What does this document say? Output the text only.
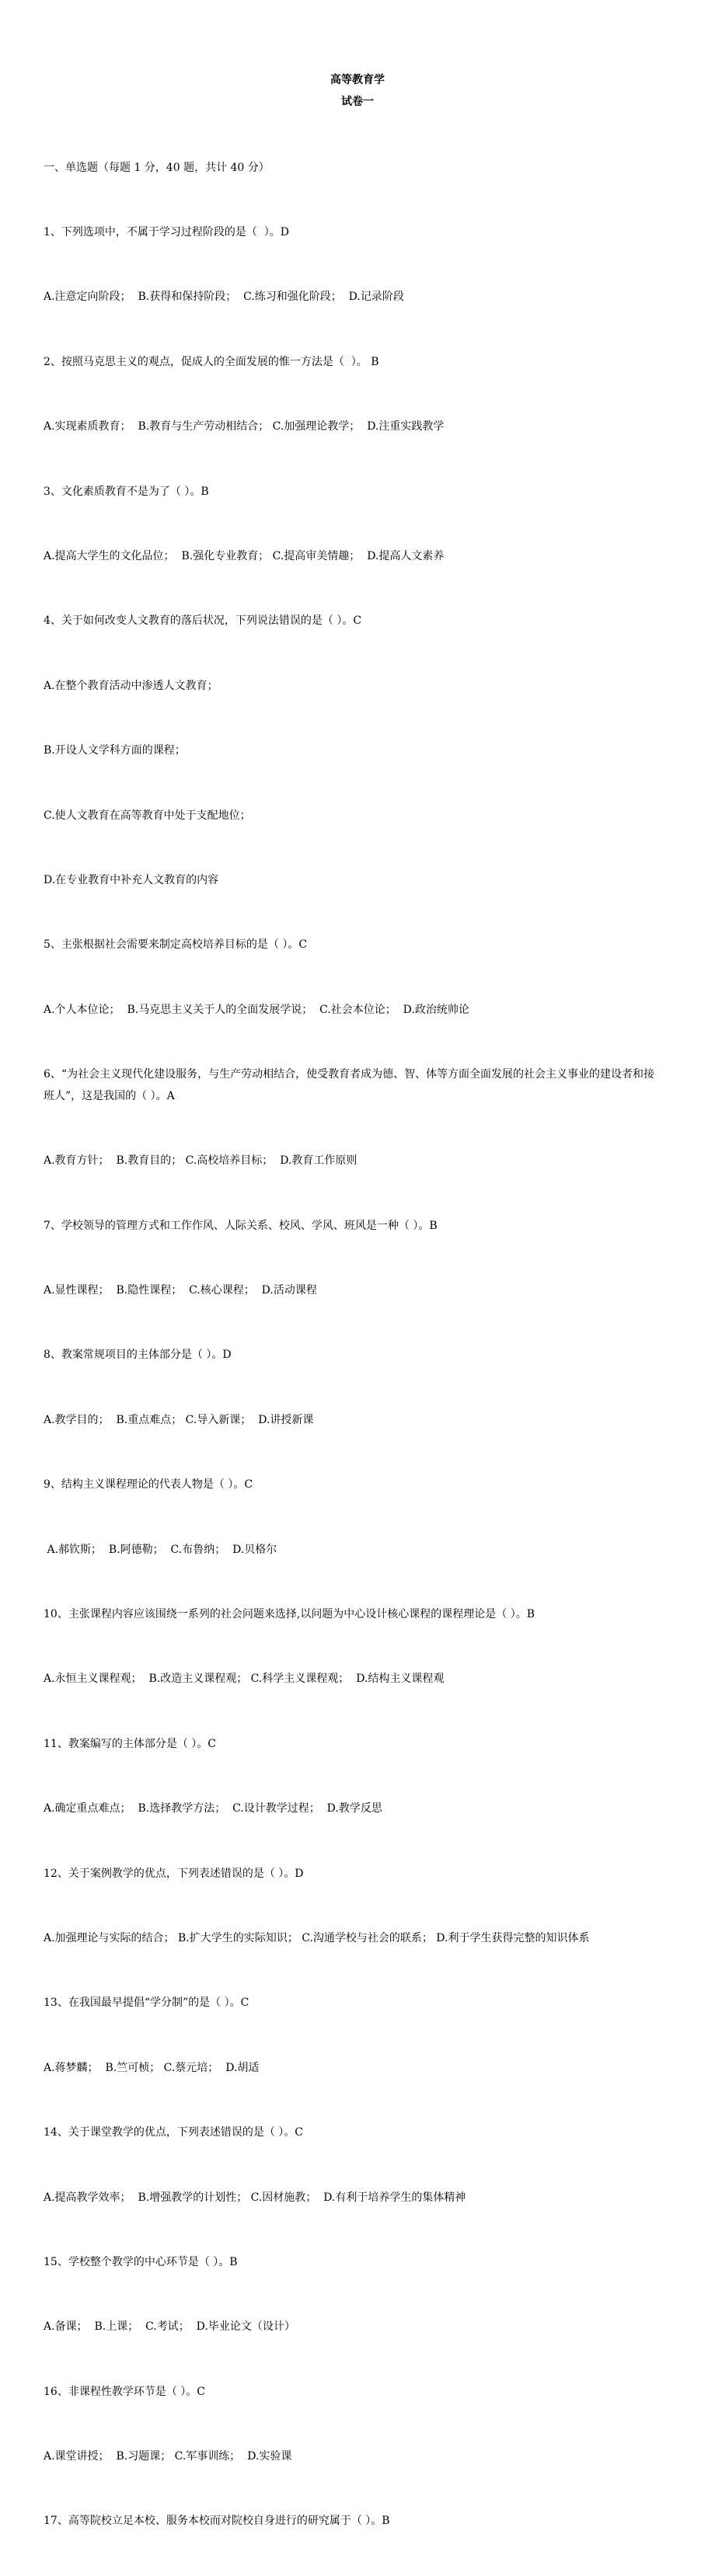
高等教育学
试卷一

一、单选题（每题 1 分，40 题，共计 40 分）

1、下列选项中，不属于学习过程阶段的是（  ）。D

A.注意定向阶段；  B.获得和保持阶段；  C.练习和强化阶段；  D.记录阶段

2、按照马克思主义的观点，促成人的全面发展的惟一方法是（  ）。 B

A.实现素质教育；  B.教育与生产劳动相结合； C.加强理论教学；  D.注重实践教学

3、文化素质教育不是为了（ ）。B

A.提高大学生的文化品位；  B.强化专业教育； C.提高审美情趣；  D.提高人文素养

4、关于如何改变人文教育的落后状况，下列说法错误的是（ ）。C

A.在整个教育活动中渗透人文教育；

B.开设人文学科方面的课程；

C.使人文教育在高等教育中处于支配地位；

D.在专业教育中补充人文教育的内容

5、主张根据社会需要来制定高校培养目标的是（ ）。C

A.个人本位论；  B.马克思主义关于人的全面发展学说；  C.社会本位论；  D.政治统帅论

6、“为社会主义现代化建设服务，与生产劳动相结合，使受教育者成为德、智、体等方面全面发展的社会主义事业的建设者和接班人”，这是我国的（ ）。A

A.教育方针；  B.教育目的； C.高校培养目标；  D.教育工作原则

7、学校领导的管理方式和工作作风、人际关系、校风、学风、班风是一种（ ）。B

A.显性课程；  B.隐性课程；  C.核心课程；  D.活动课程

8、教案常规项目的主体部分是（ ）。D

A.教学目的；  B.重点难点； C.导入新课；  D.讲授新课

9、结构主义课程理论的代表人物是（ ）。C

A.郝钦斯；  B.阿德勒；  C.布鲁纳；  D.贝格尔

10、主张课程内容应该围绕一系列的社会问题来选择,以问题为中心设计核心课程的课程理论是（ ）。B

A.永恒主义课程观；  B.改造主义课程观； C.科学主义课程观；  D.结构主义课程观

11、教案编写的主体部分是（ ）。C

A.确定重点难点；  B.选择教学方法；  C.设计教学过程；  D.教学反思

12、关于案例教学的优点，下列表述错误的是（ ）。D

A.加强理论与实际的结合； B.扩大学生的实际知识； C.沟通学校与社会的联系； D.利于学生获得完整的知识体系

13、在我国最早提倡“学分制”的是（ ）。C

A.蒋梦麟；  B.竺可桢； C.蔡元培；  D.胡适

14、关于课堂教学的优点，下列表述错误的是（ ）。C

A.提高教学效率；  B.增强教学的计划性； C.因材施教；  D.有利于培养学生的集体精神

15、学校整个教学的中心环节是（ ）。B

A.备课；  B.上课；  C.考试；  D.毕业论文（设计）

16、非课程性教学环节是（ ）。C

A.课堂讲授；  B.习题课； C.军事训练；  D.实验课

17、高等院校立足本校、服务本校而对院校自身进行的研究属于（ ）。B
